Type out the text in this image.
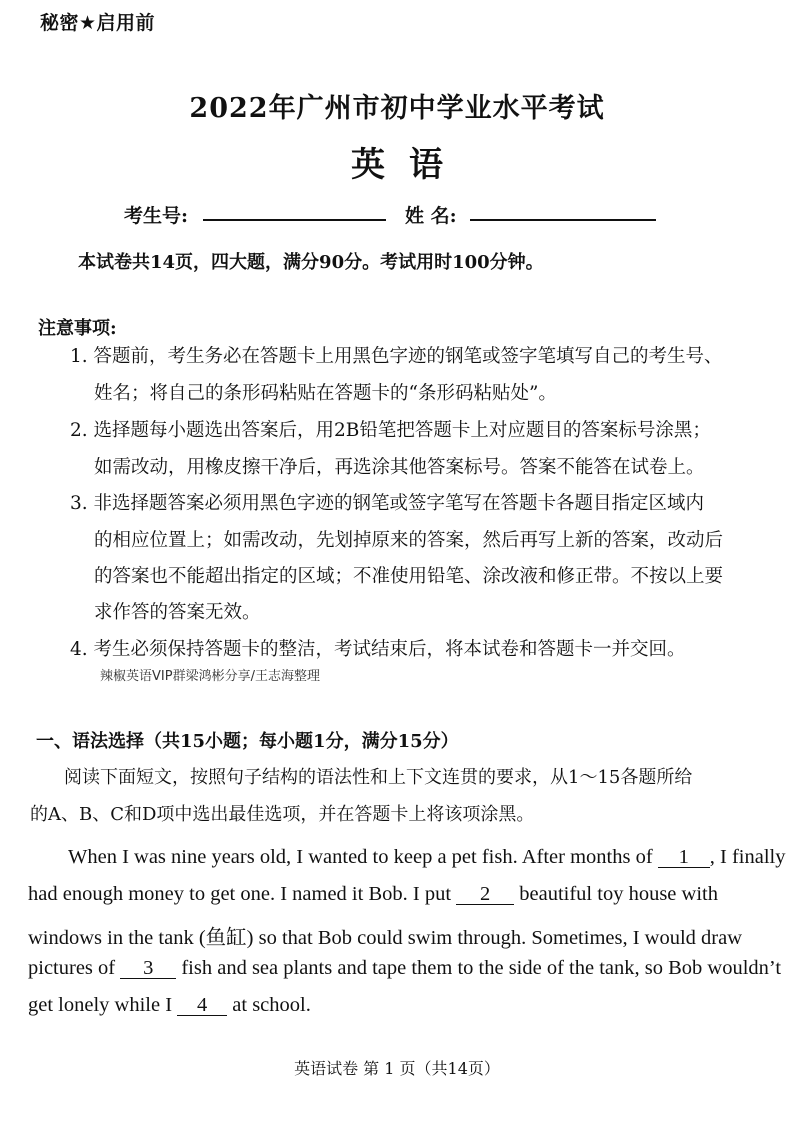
秘密★启用前
2022年广州市初中学业水平考试
英语
考生号:	姓 名:
本试卷共14页，四大题，满分90分。考试用时100分钟。
注意事项:
1. 答题前，考生务必在答题卡上用黑色字迹的钢笔或签字笔填写自己的考生号、
姓名；将自己的条形码粘贴在答题卡的“条形码粘贴处”。
2. 选择题每小题选出答案后，用2B铅笔把答题卡上对应题目的答案标号涂黑；
如需改动，用橡皮擦干净后，再选涂其他答案标号。答案不能答在试卷上。
3. 非选择题答案必须用黑色字迹的钢笔或签字笔写在答题卡各题目指定区域内
的相应位置上；如需改动，先划掉原来的答案，然后再写上新的答案，改动后
的答案也不能超出指定的区域；不准使用铅笔、涂改液和修正带。不按以上要
求作答的答案无效。
4. 考生必须保持答题卡的整洁，考试结束后，将本试卷和答题卡一并交回。
辣椒英语VIP群梁鸿彬分享/王志海整理
一、语法选择（共15小题；每小题1分，满分15分）
阅读下面短文，按照句子结构的语法性和上下文连贯的要求，从1～15各题所给
的A、B、C和D项中选出最佳选项，并在答题卡上将该项涂黑。
When I was nine years old, I wanted to keep a pet fish. After months of 1 , I finally
had enough money to get one. I named it Bob. I put 2 beautiful toy house with
windows in the tank (鱼缸) so that Bob could swim through. Sometimes, I would draw
pictures of 3 fish and sea plants and tape them to the side of the tank, so Bob wouldn’t
get lonely while I 4 at school.
英语试卷 第 1 页（共14页）
